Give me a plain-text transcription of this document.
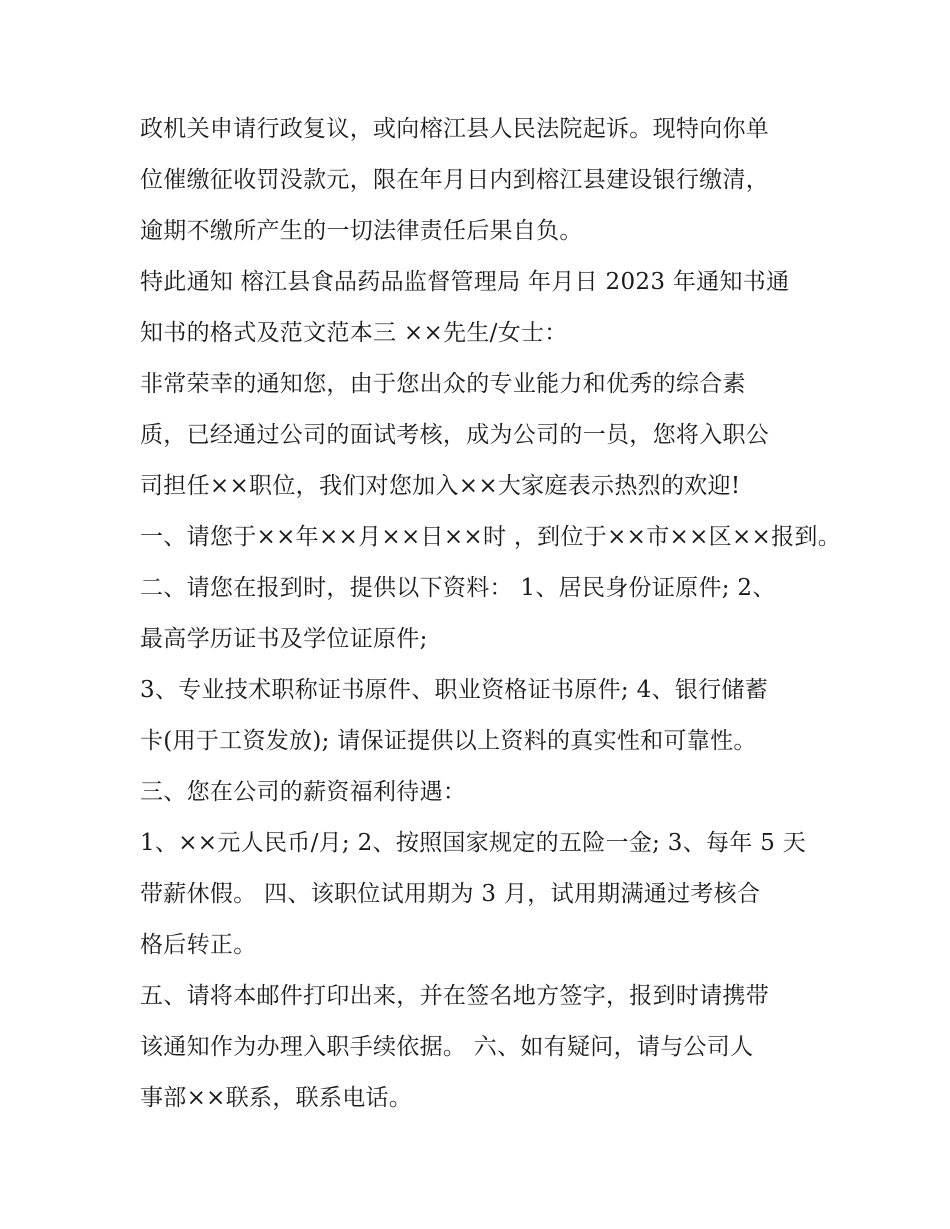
政机关申请行政复议，或向榕江县人民法院起诉。现特向你单
位催缴征收罚没款元，限在年月日内到榕江县建设银行缴清，
逾期不缴所产生的一切法律责任后果自负。
特此通知 榕江县食品药品监督管理局 年月日 2023 年通知书通
知书的格式及范文范本三 ××先生/女士：
非常荣幸的通知您，由于您出众的专业能力和优秀的综合素
质，已经通过公司的面试考核，成为公司的一员，您将入职公
司担任××职位，我们对您加入××大家庭表示热烈的欢迎!
一、请您于××年××月××日××时 ，到位于××市××区××报到。
二、请您在报到时，提供以下资料： 1、居民身份证原件; 2、
最高学历证书及学位证原件;
3、专业技术职称证书原件、职业资格证书原件; 4、银行储蓄
卡(用于工资发放); 请保证提供以上资料的真实性和可靠性。
三、您在公司的薪资福利待遇：
1、××元人民币/月; 2、按照国家规定的五险一金; 3、每年 5 天
带薪休假。 四、该职位试用期为 3 月，试用期满通过考核合
格后转正。
五、请将本邮件打印出来，并在签名地方签字，报到时请携带
该通知作为办理入职手续依据。 六、如有疑问，请与公司人
事部××联系，联系电话。
